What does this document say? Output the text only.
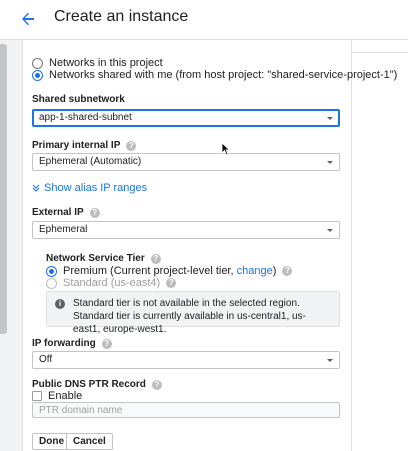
Create an instance
Networks in this project
Networks shared with me (from host project: "shared-service-project-1")
Shared subnetwork
app-1-shared-subnet
Primary internal IP	?
Ephemeral (Automatic)
Show alias IP ranges
External IP	?
Ephemeral
Network Service Tier	?
Premium (Current project-level tier, change)	?
Standard (us-east4)	?
i	Standard tier is not available in the selected region. Standard tier is currently available in us-central1, us-east1, europe-west1.
IP forwarding	?
Off
Public DNS PTR Record	?
Enable
PTR domain name
Done Cancel
